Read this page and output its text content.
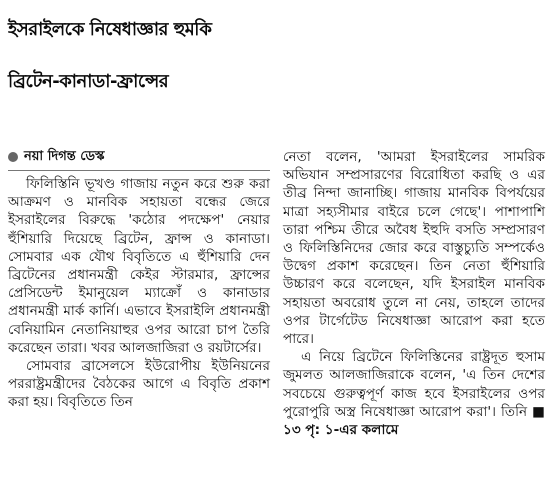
ইসরাইলকে নিষেধাজ্ঞার হুমকি
ব্রিটেন-কানাডা-ফ্রান্সের
নয়া দিগন্ত ডেস্ক

ফিলিস্তিনি ভূখণ্ড গাজায় নতুন করে শুরু করা আক্রমণ ও মানবিক সহায়তা বন্ধের জেরে ইসরাইলের বিরুদ্ধে 'কঠোর পদক্ষেপ' নেয়ার হুঁশিয়ারি দিয়েছে ব্রিটেন, ফ্রান্স ও কানাডা। সোমবার এক যৌথ বিবৃতিতে এ হুঁশিয়ারি দেন ব্রিটেনের প্রধানমন্ত্রী কেইর স্টারমার, ফ্রান্সের প্রেসিডেন্ট ইমানুয়েল ম্যাক্রোঁ ও কানাডার প্রধানমন্ত্রী মার্ক কার্নি। এভাবে ইসরাইলি প্রধানমন্ত্রী বেনিয়ামিন নেতানিয়াহুর ওপর আরো চাপ তৈরি করেছেন তারা। খবর আলজাজিরা ও রয়টার্সের।

সোমবার ব্রাসেলসে ইউরোপীয় ইউনিয়নের পররাষ্ট্রমন্ত্রীদের বৈঠকের আগে এ বিবৃতি প্রকাশ করা হয়। বিবৃতিতে তিন

নেতা বলেন, 'আমরা ইসরাইলের সামরিক অভিযান সম্প্রসারণের বিরোধিতা করছি ও এর তীব্র নিন্দা জানাচ্ছি। গাজায় মানবিক বিপর্যয়ের মাত্রা সহ্যসীমার বাইরে চলে গেছে'। পাশাপাশি তারা পশ্চিম তীরে অবৈধ ইহুদি বসতি সম্প্রসারণ ও ফিলিস্তিনিদের জোর করে বাস্তুচ্যুতি সম্পর্কেও উদ্বেগ প্রকাশ করেছেন। তিন নেতা হুঁশিয়ারি উচ্চারণ করে বলেছেন, যদি ইসরাইল মানবিক সহায়তা অবরোধ তুলে না নেয়, তাহলে তাদের ওপর টার্গেটেড নিষেধাজ্ঞা আরোপ করা হতে পারে।

এ নিয়ে ব্রিটেনে ফিলিস্তিনের রাষ্ট্রদূত হুসাম জুমলত আলজাজিরাকে বলেন, 'এ তিন দেশের সবচেয়ে গুরুত্বপূর্ণ কাজ হবে ইসরাইলের ওপর পুরোপুরি অস্ত্র নিষেধাজ্ঞা আরোপ করা'। তিনি ■ ১৩ পৃ: ১-এর কলামে
